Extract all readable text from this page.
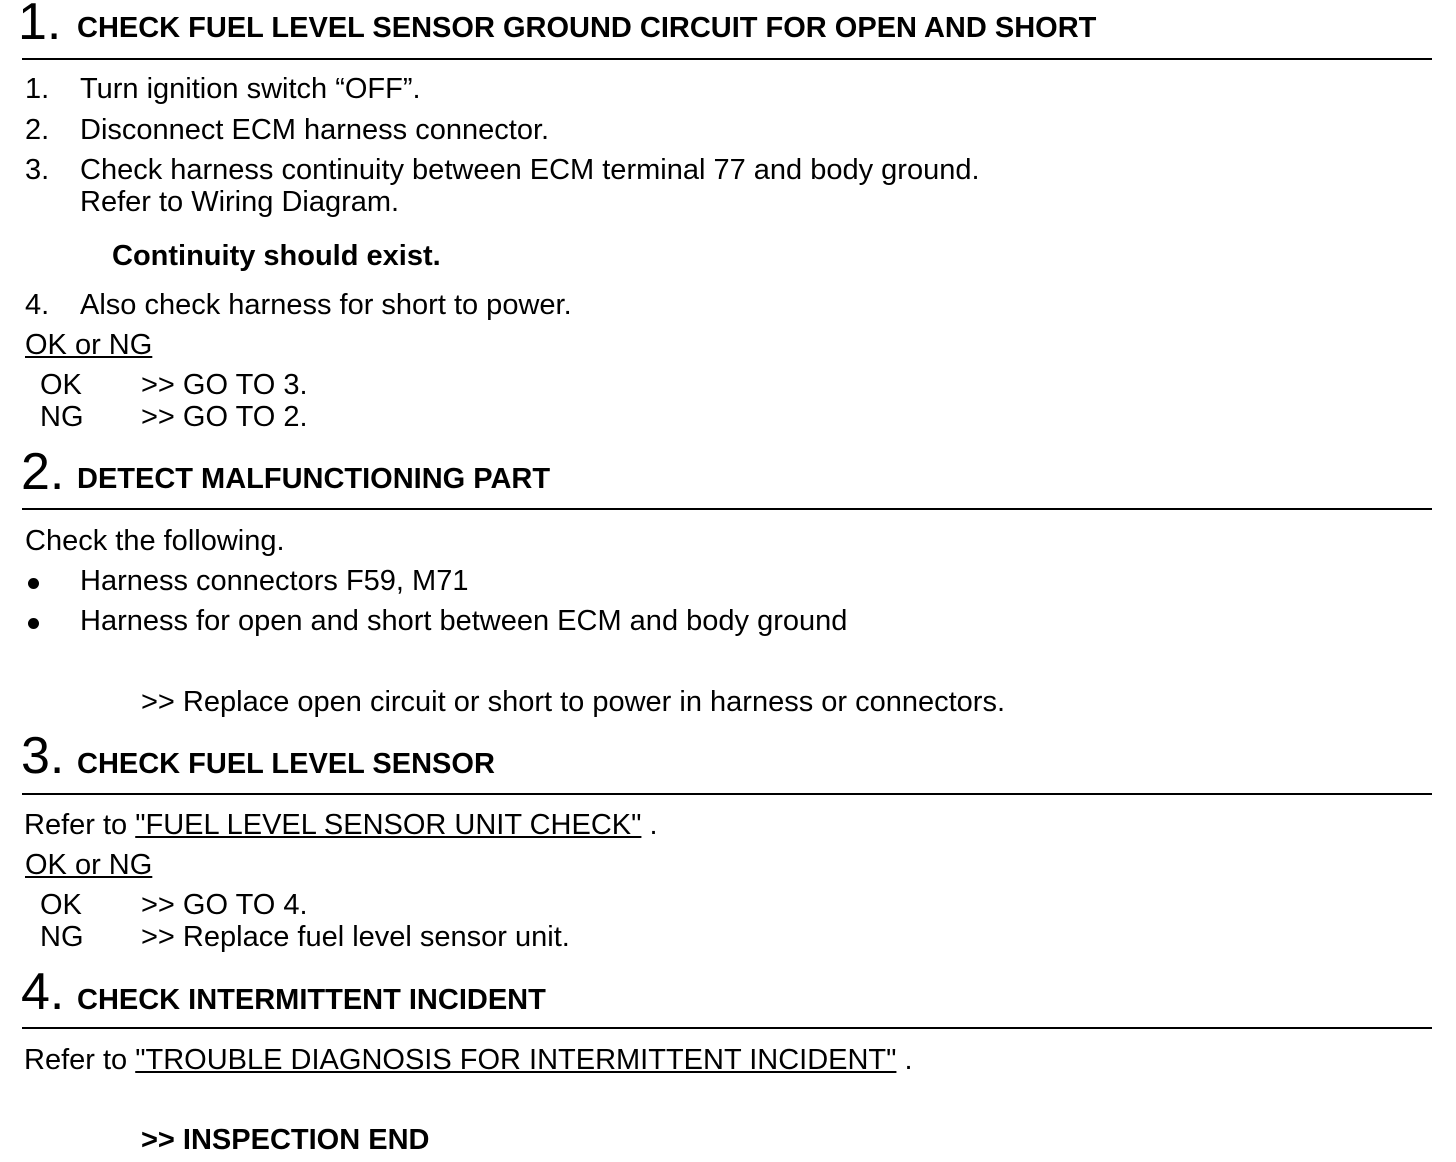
1. CHECK FUEL LEVEL SENSOR GROUND CIRCUIT FOR OPEN AND SHORT
1. Turn ignition switch “OFF”.
2. Disconnect ECM harness connector.
3. Check harness continuity between ECM terminal 77 and body ground.
Refer to Wiring Diagram.
Continuity should exist.
4. Also check harness for short to power.
OK or NG
OK >> GO TO 3.
NG >> GO TO 2.
2. DETECT MALFUNCTIONING PART
Check the following.
Harness connectors F59, M71
Harness for open and short between ECM and body ground
>> Replace open circuit or short to power in harness or connectors.
3. CHECK FUEL LEVEL SENSOR
Refer to "FUEL LEVEL SENSOR UNIT CHECK" .
OK or NG
OK >> GO TO 4.
NG >> Replace fuel level sensor unit.
4. CHECK INTERMITTENT INCIDENT
Refer to "TROUBLE DIAGNOSIS FOR INTERMITTENT INCIDENT" .
>> INSPECTION END
